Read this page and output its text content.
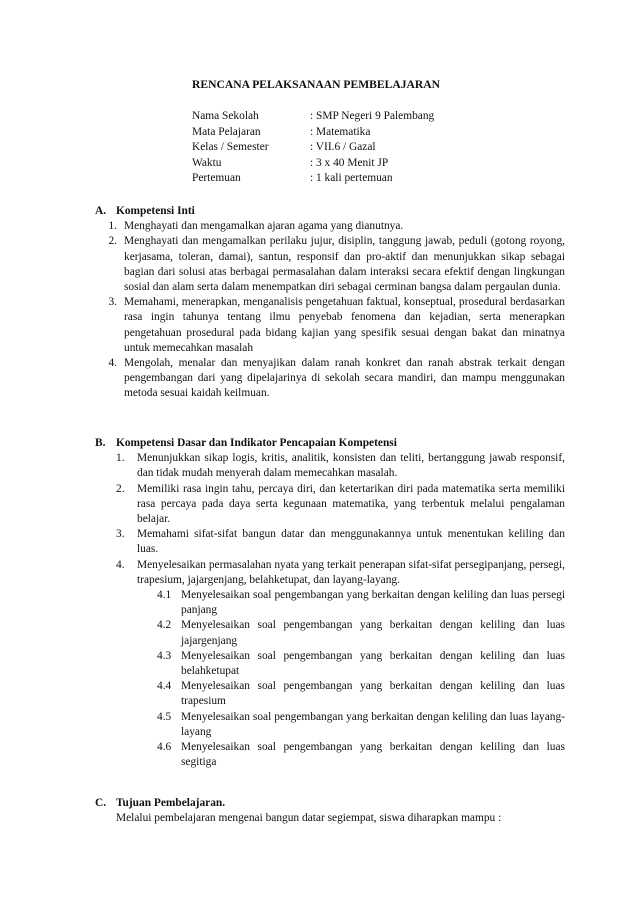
RENCANA PELAKSANAAN PEMBELAJARAN
Nama Sekolah	: SMP Negeri 9 Palembang
Mata Pelajaran	: Matematika
Kelas / Semester	: VII.6 / Gazal
Waktu	: 3 x 40 Menit JP
Pertemuan	: 1 kali pertemuan
A. Kompetensi Inti
1. Menghayati dan mengamalkan ajaran agama yang dianutnya.
2. Menghayati dan mengamalkan perilaku jujur, disiplin, tanggung jawab, peduli (gotong royong, kerjasama, toleran, damai), santun, responsif dan pro-aktif dan menunjukkan sikap sebagai bagian dari solusi atas berbagai permasalahan dalam interaksi secara efektif dengan lingkungan sosial dan alam serta dalam menempatkan diri sebagai cerminan bangsa dalam pergaulan dunia.
3. Memahami, menerapkan, menganalisis pengetahuan faktual, konseptual, prosedural berdasarkan rasa ingin tahunya tentang ilmu penyebab fenomena dan kejadian, serta menerapkan pengetahuan prosedural pada bidang kajian yang spesifik sesuai dengan bakat dan minatnya untuk memecahkan masalah
4. Mengolah, menalar dan menyajikan dalam ranah konkret dan ranah abstrak terkait dengan pengembangan dari yang dipelajarinya di sekolah secara mandiri, dan mampu menggunakan metoda sesuai kaidah keilmuan.
B. Kompetensi Dasar dan Indikator Pencapaian Kompetensi
1.	Menunjukkan sikap logis, kritis, analitik, konsisten dan teliti, bertanggung jawab responsif, dan tidak mudah menyerah dalam memecahkan masalah.
2.	Memiliki rasa ingin tahu, percaya diri, dan ketertarikan diri pada matematika serta memiliki rasa percaya pada daya serta kegunaan matematika, yang terbentuk melalui pengalaman belajar.
3.	Memahami sifat-sifat bangun datar dan menggunakannya untuk menentukan keliling dan luas.
4.	Menyelesaikan permasalahan nyata yang terkait penerapan sifat-sifat persegipanjang, persegi, trapesium, jajargenjang, belahketupat, dan layang-layang.
4.1 Menyelesaikan soal pengembangan yang berkaitan dengan keliling dan luas persegi panjang
4.2 Menyelesaikan soal pengembangan yang berkaitan dengan keliling dan luas jajargenjang
4.3 Menyelesaikan soal pengembangan yang berkaitan dengan keliling dan luas belahketupat
4.4 Menyelesaikan soal pengembangan yang berkaitan dengan keliling dan luas trapesium
4.5 Menyelesaikan soal pengembangan yang berkaitan dengan keliling dan luas layang-layang
4.6 Menyelesaikan soal pengembangan yang berkaitan dengan keliling dan luas segitiga
C. Tujuan Pembelajaran.
Melalui pembelajaran mengenai bangun datar segiempat, siswa diharapkan mampu :
